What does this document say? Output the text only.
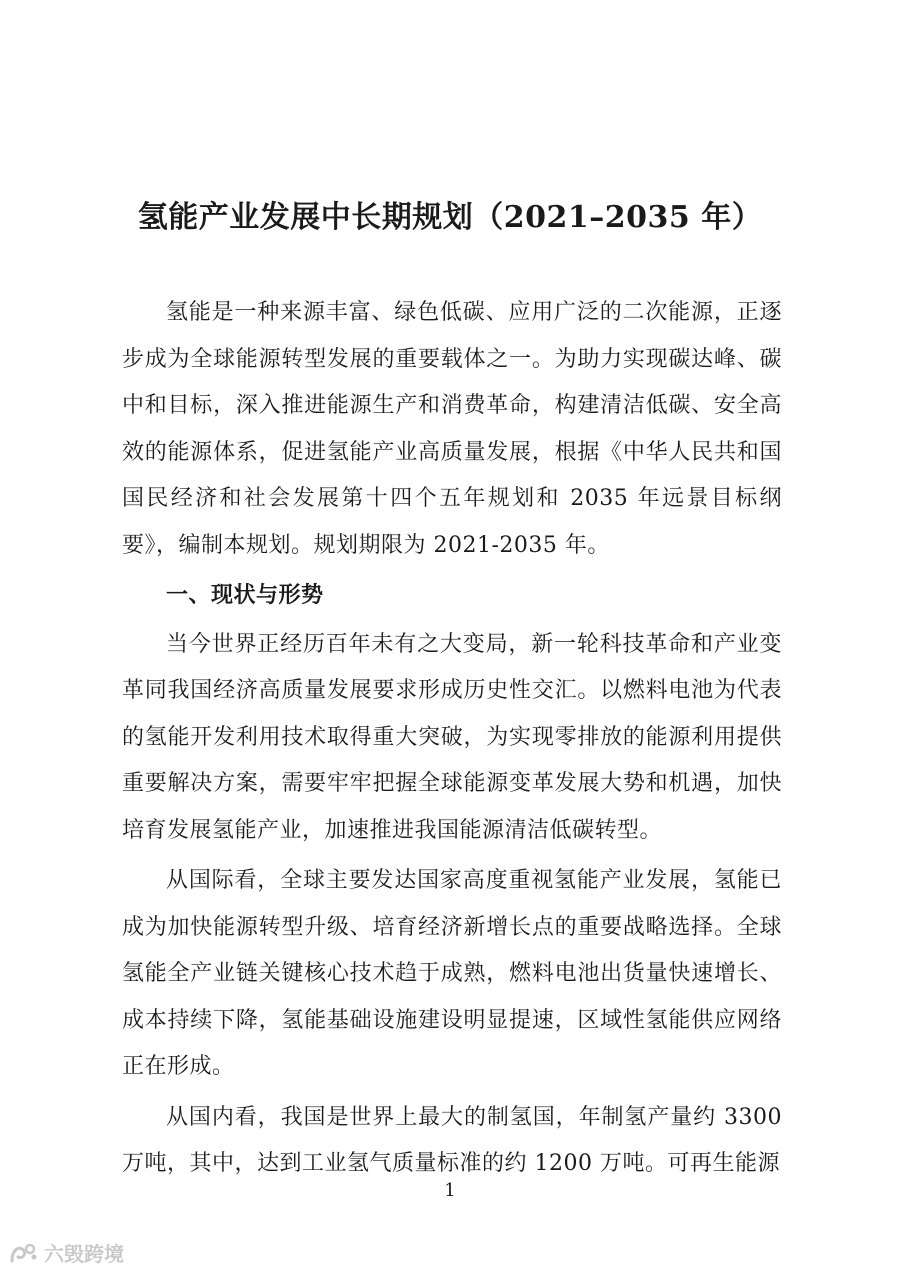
氢能产业发展中长期规划（2021–2035 年）

氢能是一种来源丰富、绿色低碳、应用广泛的二次能源，正逐步成为全球能源转型发展的重要载体之一。为助力实现碳达峰、碳中和目标，深入推进能源生产和消费革命，构建清洁低碳、安全高效的能源体系，促进氢能产业高质量发展，根据《中华人民共和国国民经济和社会发展第十四个五年规划和 2035 年远景目标纲要》，编制本规划。规划期限为 2021-2035 年。

一、现状与形势

当今世界正经历百年未有之大变局，新一轮科技革命和产业变革同我国经济高质量发展要求形成历史性交汇。以燃料电池为代表的氢能开发利用技术取得重大突破，为实现零排放的能源利用提供重要解决方案，需要牢牢把握全球能源变革发展大势和机遇，加快培育发展氢能产业，加速推进我国能源清洁低碳转型。

从国际看，全球主要发达国家高度重视氢能产业发展，氢能已成为加快能源转型升级、培育经济新增长点的重要战略选择。全球氢能全产业链关键核心技术趋于成熟，燃料电池出货量快速增长、成本持续下降，氢能基础设施建设明显提速，区域性氢能供应网络正在形成。

从国内看，我国是世界上最大的制氢国，年制氢产量约 3300 万吨，其中，达到工业氢气质量标准的约 1200 万吨。可再生能源

1
六毁跨境
